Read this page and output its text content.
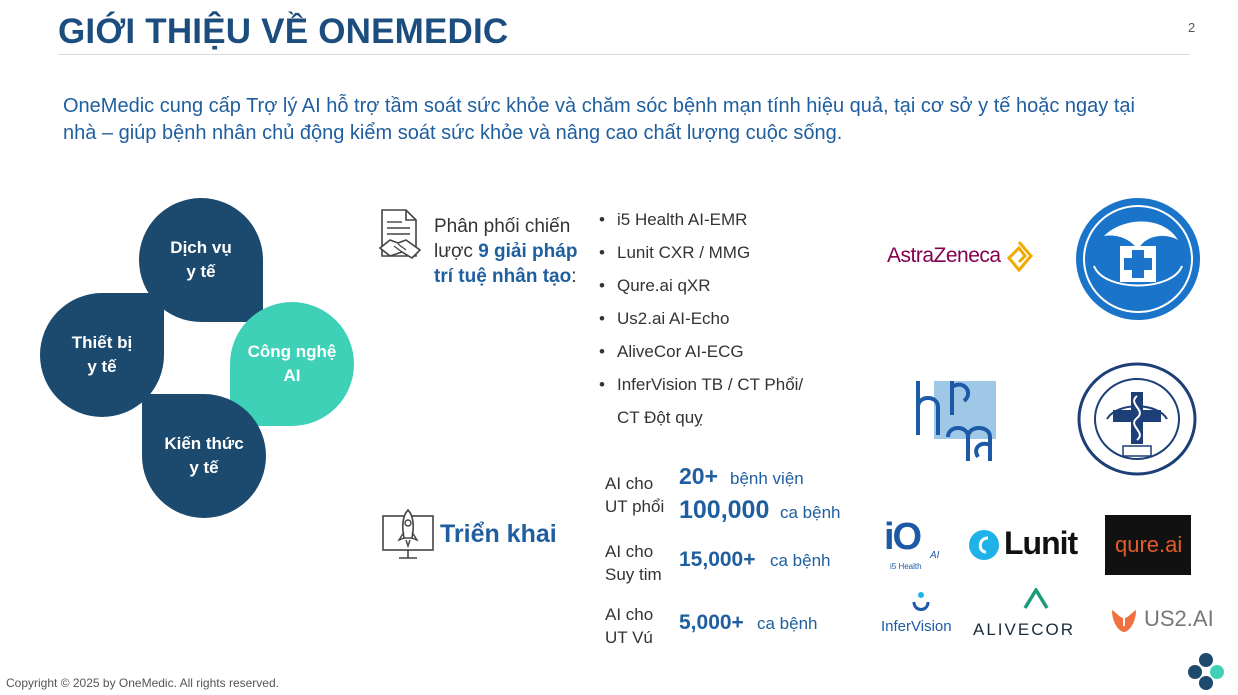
GIỚI THIỆU VỀ ONEMEDIC	2
OneMedic cung cấp Trợ lý AI hỗ trợ tầm soát sức khỏe và chăm sóc bệnh mạn tính hiệu quả, tại cơ sở y tế hoặc ngay tại nhà – giúp bệnh nhân chủ động kiểm soát sức khỏe và nâng cao chất lượng cuộc sống.
Dịch vụ
y tế
Thiết bị
y tế
Công nghệ
AI
Kiến thức
y tế
Phân phối chiến
lược 9 giải pháp
trí tuệ nhân tạo:
• i5 Health AI-EMR
• Lunit CXR / MMG
• Qure.ai qXR
• Us2.ai AI-Echo
• AliveCor AI-ECG
• InferVision TB / CT Phổi/
CT Đột quỵ
Triển khai
AI cho
UT phổi
20+ bệnh viện
100,000 ca bệnh
AI cho
Suy tim
15,000+ ca bệnh
AI cho
UT Vú
5,000+ ca bệnh
AstraZeneca
iO AI
i5 Health
Lunit qure.ai
InferVision ALIVECOR	US2.AI
Copyright © 2025 by OneMedic. All rights reserved.
